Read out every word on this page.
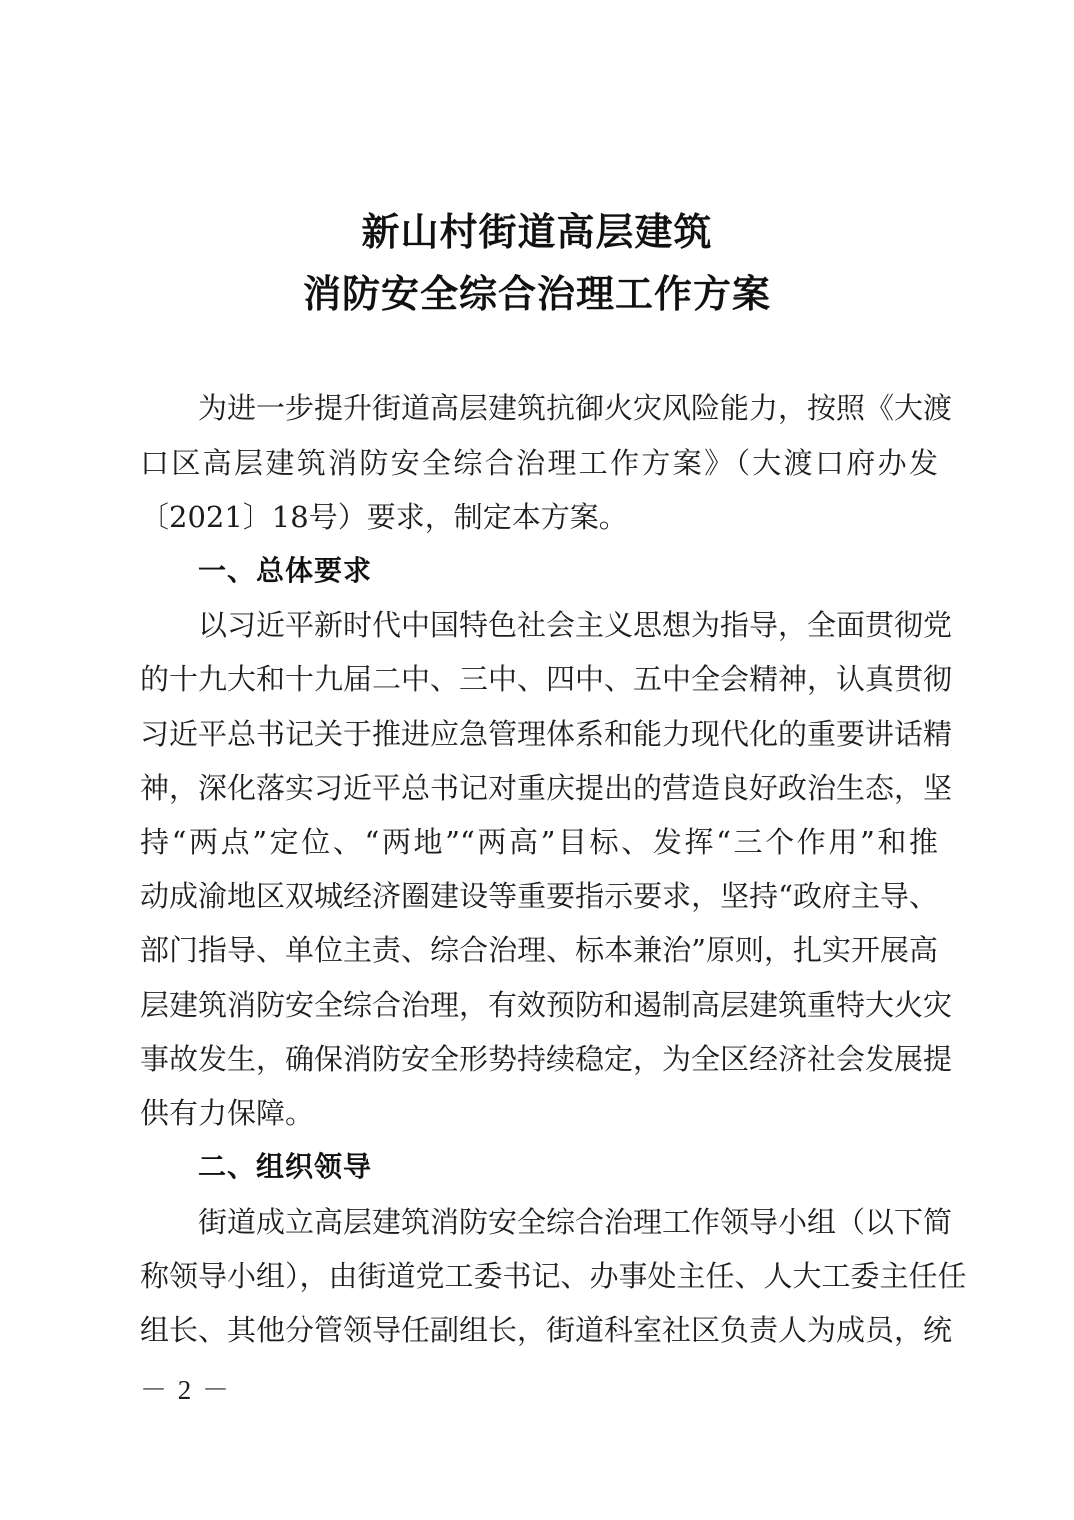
新山村街道高层建筑
消防安全综合治理工作方案
为进一步提升街道高层建筑抗御火灾风险能力，按照《大渡
口区高层建筑消防安全综合治理工作方案》（大渡口府办发
〔2021〕18号）要求，制定本方案。
一、总体要求
以习近平新时代中国特色社会主义思想为指导，全面贯彻党
的十九大和十九届二中、三中、四中、五中全会精神，认真贯彻
习近平总书记关于推进应急管理体系和能力现代化的重要讲话精
神，深化落实习近平总书记对重庆提出的营造良好政治生态，坚
持“两点”定位、“两地”“两高”目标、发挥“三个作用”和推
动成渝地区双城经济圈建设等重要指示要求，坚持“政府主导、
部门指导、单位主责、综合治理、标本兼治”原则，扎实开展高
层建筑消防安全综合治理，有效预防和遏制高层建筑重特大火灾
事故发生，确保消防安全形势持续稳定，为全区经济社会发展提
供有力保障。
二、组织领导
街道成立高层建筑消防安全综合治理工作领导小组（以下简
称领导小组），由街道党工委书记、办事处主任、人大工委主任任
组长、其他分管领导任副组长，街道科室社区负责人为成员，统
－ 2 －
